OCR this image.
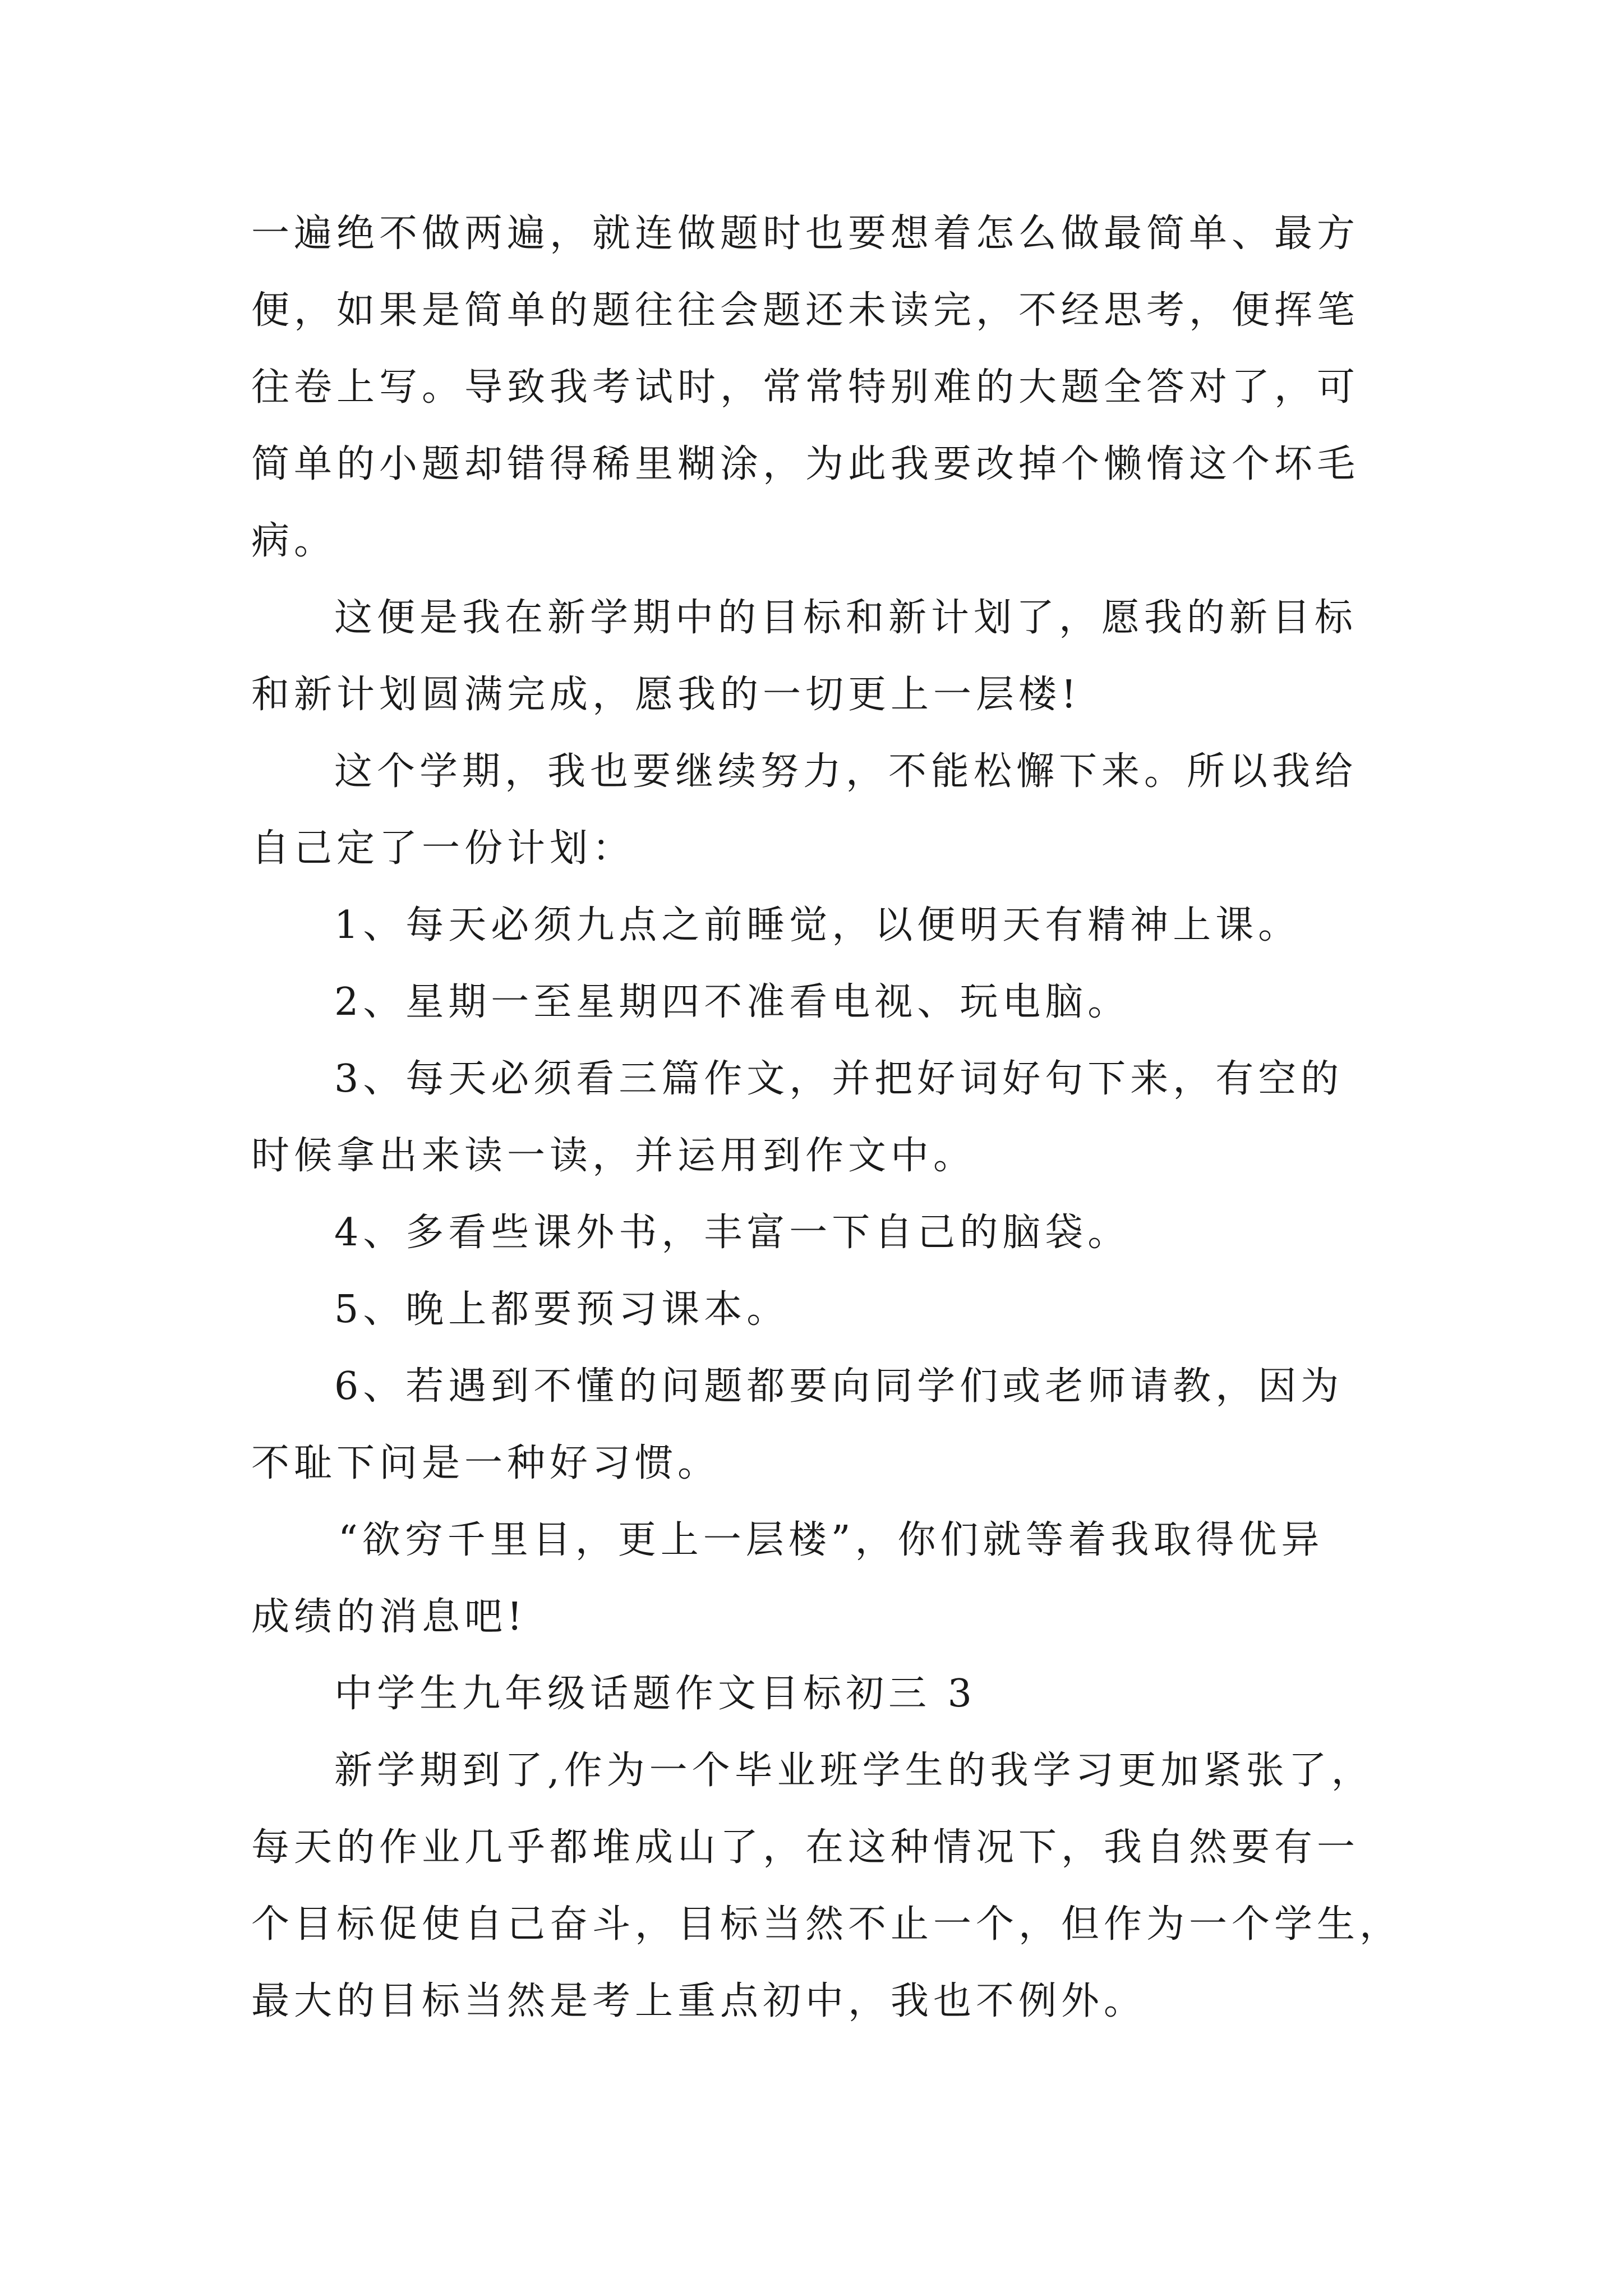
一遍绝不做两遍，就连做题时也要想着怎么做最简单、最方
便，如果是简单的题往往会题还未读完，不经思考，便挥笔
往卷上写。导致我考试时，常常特别难的大题全答对了，可
简单的小题却错得稀里糊涂，为此我要改掉个懒惰这个坏毛
病。
这便是我在新学期中的目标和新计划了，愿我的新目标
和新计划圆满完成，愿我的一切更上一层楼!
这个学期，我也要继续努力，不能松懈下来。所以我给
自己定了一份计划：
1、每天必须九点之前睡觉，以便明天有精神上课。
2、星期一至星期四不准看电视、玩电脑。
3、每天必须看三篇作文，并把好词好句下来，有空的
时候拿出来读一读，并运用到作文中。
4、多看些课外书，丰富一下自己的脑袋。
5、晚上都要预习课本。
6、若遇到不懂的问题都要向同学们或老师请教，因为
不耻下问是一种好习惯。
“欲穷千里目，更上一层楼”，你们就等着我取得优异
成绩的消息吧!
中学生九年级话题作文目标初三 3
新学期到了,作为一个毕业班学生的我学习更加紧张了，
每天的作业几乎都堆成山了，在这种情况下，我自然要有一
个目标促使自己奋斗，目标当然不止一个，但作为一个学生，
最大的目标当然是考上重点初中，我也不例外。
